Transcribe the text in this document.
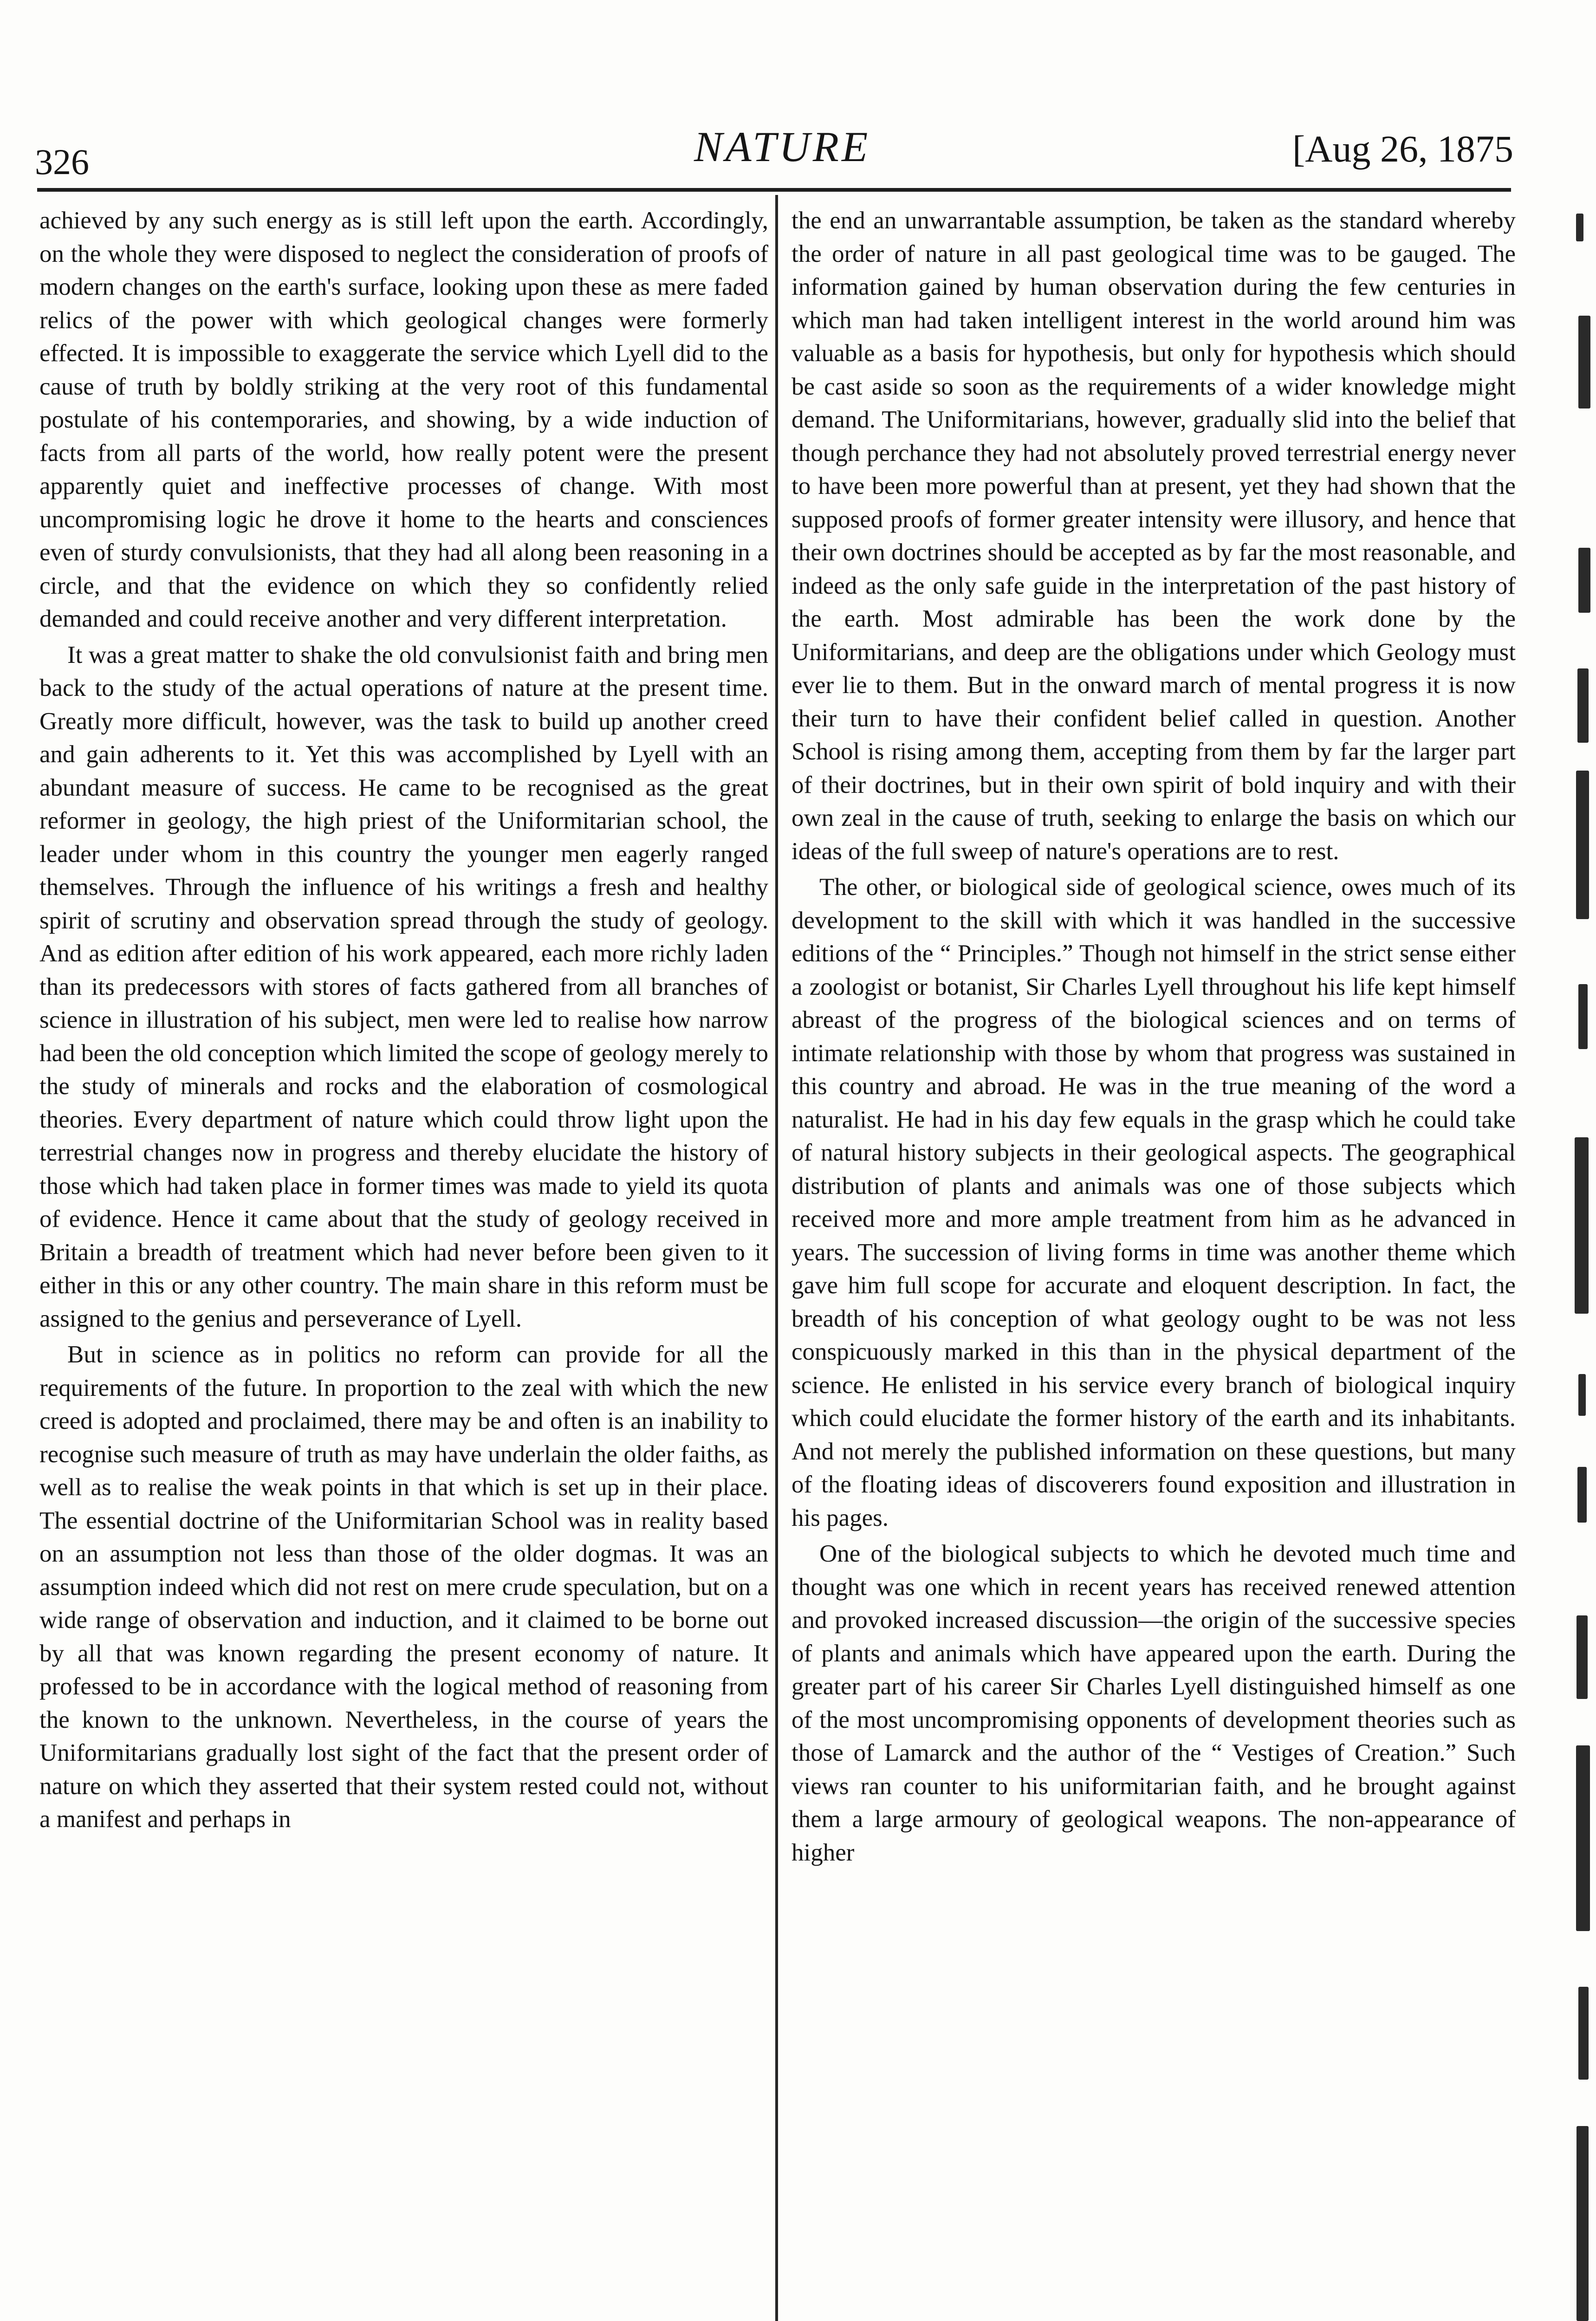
326	NATURE	[Aug 26, 1875

achieved by any such energy as is still left upon the earth. Accordingly, on the whole they were disposed to neglect the consideration of proofs of modern changes on the earth's surface, looking upon these as mere faded relics of the power with which geological changes were formerly effected. It is impossible to exaggerate the service which Lyell did to the cause of truth by boldly striking at the very root of this fundamental postulate of his contemporaries, and showing, by a wide induction of facts from all parts of the world, how really potent were the present apparently quiet and ineffective processes of change. With most uncompromising logic he drove it home to the hearts and consciences even of sturdy convulsionists, that they had all along been reasoning in a circle, and that the evidence on which they so confidently relied demanded and could receive another and very different interpretation.

It was a great matter to shake the old convulsionist faith and bring men back to the study of the actual operations of nature at the present time. Greatly more difficult, however, was the task to build up another creed and gain adherents to it. Yet this was accomplished by Lyell with an abundant measure of success. He came to be recognised as the great reformer in geology, the high priest of the Uniformitarian school, the leader under whom in this country the younger men eagerly ranged themselves. Through the influence of his writings a fresh and healthy spirit of scrutiny and observation spread through the study of geology. And as edition after edition of his work appeared, each more richly laden than its predecessors with stores of facts gathered from all branches of science in illustration of his subject, men were led to realise how narrow had been the old conception which limited the scope of geology merely to the study of minerals and rocks and the elaboration of cosmological theories. Every department of nature which could throw light upon the terrestrial changes now in progress and thereby elucidate the history of those which had taken place in former times was made to yield its quota of evidence. Hence it came about that the study of geology received in Britain a breadth of treatment which had never before been given to it either in this or any other country. The main share in this reform must be assigned to the genius and perseverance of Lyell.

But in science as in politics no reform can provide for all the requirements of the future. In proportion to the zeal with which the new creed is adopted and proclaimed, there may be and often is an inability to recognise such measure of truth as may have underlain the older faiths, as well as to realise the weak points in that which is set up in their place. The essential doctrine of the Uniformitarian School was in reality based on an assumption not less than those of the older dogmas. It was an assumption indeed which did not rest on mere crude speculation, but on a wide range of observation and induction, and it claimed to be borne out by all that was known regarding the present economy of nature. It professed to be in accordance with the logical method of reasoning from the known to the unknown. Nevertheless, in the course of years the Uniformitarians gradually lost sight of the fact that the present order of nature on which they asserted that their system rested could not, without a manifest and perhaps in

the end an unwarrantable assumption, be taken as the standard whereby the order of nature in all past geological time was to be gauged. The information gained by human observation during the few centuries in which man had taken intelligent interest in the world around him was valuable as a basis for hypothesis, but only for hypothesis which should be cast aside so soon as the requirements of a wider knowledge might demand. The Uniformitarians, however, gradually slid into the belief that though perchance they had not absolutely proved terrestrial energy never to have been more powerful than at present, yet they had shown that the supposed proofs of former greater intensity were illusory, and hence that their own doctrines should be accepted as by far the most reasonable, and indeed as the only safe guide in the interpretation of the past history of the earth. Most admirable has been the work done by the Uniformitarians, and deep are the obligations under which Geology must ever lie to them. But in the onward march of mental progress it is now their turn to have their confident belief called in question. Another School is rising among them, accepting from them by far the larger part of their doctrines, but in their own spirit of bold inquiry and with their own zeal in the cause of truth, seeking to enlarge the basis on which our ideas of the full sweep of nature's operations are to rest.

The other, or biological side of geological science, owes much of its development to the skill with which it was handled in the successive editions of the “ Principles.” Though not himself in the strict sense either a zoologist or botanist, Sir Charles Lyell throughout his life kept himself abreast of the progress of the biological sciences and on terms of intimate relationship with those by whom that progress was sustained in this country and abroad. He was in the true meaning of the word a naturalist. He had in his day few equals in the grasp which he could take of natural history subjects in their geological aspects. The geographical distribution of plants and animals was one of those subjects which received more and more ample treatment from him as he advanced in years. The succession of living forms in time was another theme which gave him full scope for accurate and eloquent description. In fact, the breadth of his conception of what geology ought to be was not less conspicuously marked in this than in the physical department of the science. He enlisted in his service every branch of biological inquiry which could elucidate the former history of the earth and its inhabitants. And not merely the published information on these questions, but many of the floating ideas of discoverers found exposition and illustration in his pages.

One of the biological subjects to which he devoted much time and thought was one which in recent years has received renewed attention and provoked increased discussion—the origin of the successive species of plants and animals which have appeared upon the earth. During the greater part of his career Sir Charles Lyell distinguished himself as one of the most uncompromising opponents of development theories such as those of Lamarck and the author of the “ Vestiges of Creation.” Such views ran counter to his uniformitarian faith, and he brought against them a large armoury of geological weapons. The non-appearance of higher
